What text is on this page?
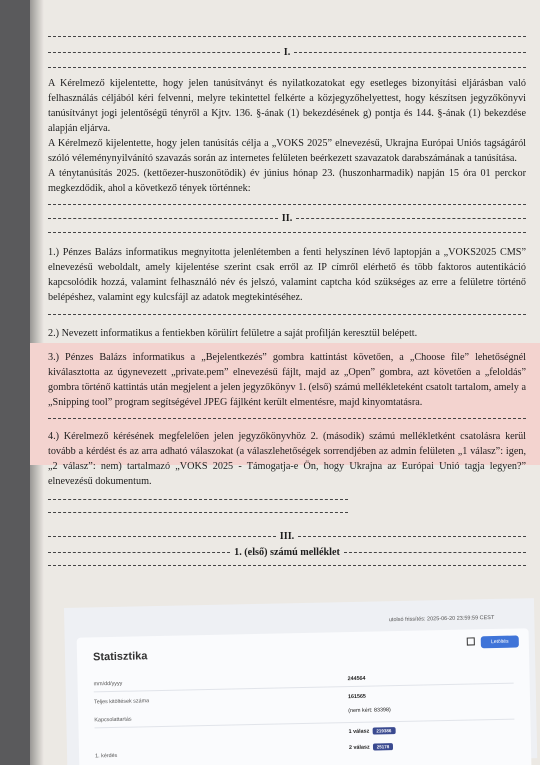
I.

A Kérelmező kijelentette, hogy jelen tanúsítványt és nyilatkozatokat egy esetleges bizonyítási eljárásban való felhasználás céljából kéri felvenni, melyre tekintettel felkérte a közjegyzőhelyettest, hogy készítsen jegyzőkönyvi tanúsítványt jogi jelentőségű tényről a Kjtv. 136. §-ának (1) bekezdésének g) pontja és 144. §-ának (1) bekezdése alapján eljárva.

A Kérelmező kijelentette, hogy jelen tanúsítás célja a „VOKS 2025” elnevezésű, Ukrajna Európai Uniós tagságáról szóló véleménynyilvánító szavazás során az internetes felületen beérkezett szavazatok darabszámának a tanúsítása.

A ténytanúsítás 2025. (kettőezer-huszonötödik) év június hónap 23. (huszonharmadik) napján 15 óra 01 perckor megkezdődik, ahol a következő tények történnek:

II.

1.) Pénzes Balázs informatikus megnyitotta jelenlétemben a fenti helyszínen lévő laptopján a „VOKS2025 CMS” elnevezésű weboldalt, amely kijelentése szerint csak erről az IP címről elérhető és több faktoros autentikáció kapcsolódik hozzá, valamint felhasználó név és jelszó, valamint captcha kód szükséges az erre a felületre történő belépéshez, valamint egy kulcsfájl az adatok megtekintéséhez.

2.) Nevezett informatikus a fentiekben körülírt felületre a saját profilján keresztül belépett.

3.) Pénzes Balázs informatikus a „Bejelentkezés” gombra kattintást követően, a „Choose file” lehetőségnél kiválasztotta az úgynevezett „private.pem” elnevezésű fájlt, majd az „Open” gombra, azt követően a „feloldás” gombra történő kattintás után megjelent a jelen jegyzőkönyv 1. (első) számú mellékleteként csatolt tartalom, amely a „Snipping tool” program segítségével JPEG fájlként került elmentésre, majd kinyomtatásra.

4.) Kérelmező kérésének megfelelően jelen jegyzőkönyvhöz 2. (második) számú mellékletként csatolásra kerül tovább a kérdést és az arra adható válaszokat (a válaszlehetőségek sorrendjében az admin felületen „1 válasz”: igen, „2 válasz”: nem) tartalmazó „VOKS 2025 - Támogatja-e Ön, hogy Ukrajna az Európai Unió tagja legyen?” elnevezésű dokumentum.

III.
1. (első) számú melléklet
utolsó frissítés: 2025-06-20 23:59:59 CEST
Statisztika
Letöltés
mm/dd/yyyy
244564
Teljes kitöltések száma
161565
Kapcsolattartás
(nem kért: 83398)
1 válasz 219386
1. kérdés
2 válasz 25178
